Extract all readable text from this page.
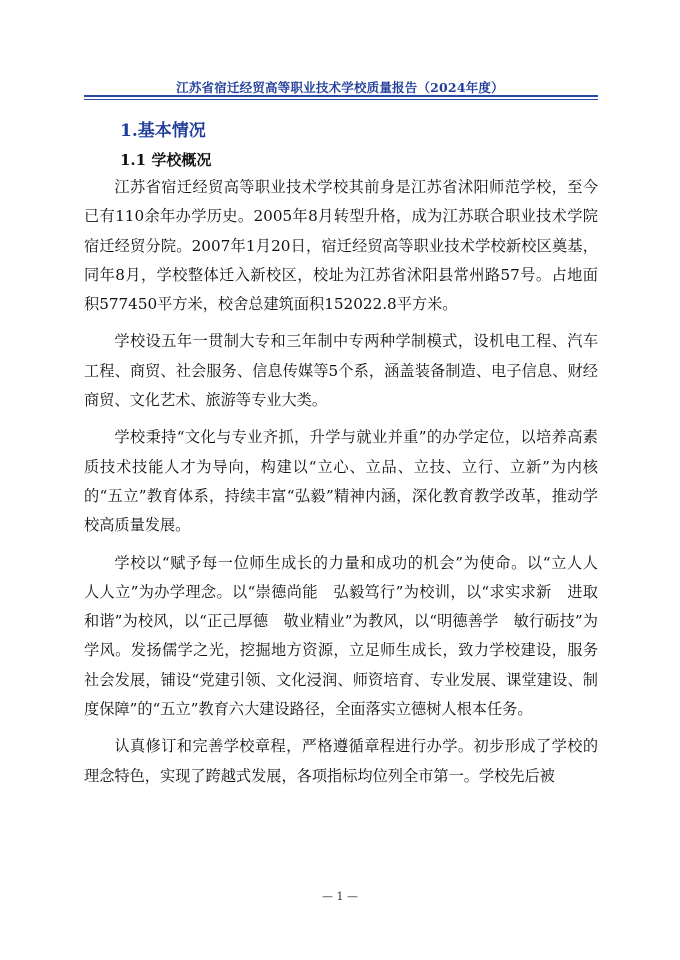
江苏省宿迁经贸高等职业技术学校质量报告（2024年度）
1.基本情况
1.1 学校概况

江苏省宿迁经贸高等职业技术学校其前身是江苏省沭阳师范学校，至今已有110余年办学历史。2005年8月转型升格，成为江苏联合职业技术学院宿迁经贸分院。2007年1月20日，宿迁经贸高等职业技术学校新校区奠基，同年8月，学校整体迁入新校区，校址为江苏省沭阳县常州路57号。占地面积577450平方米，校舍总建筑面积152022.8平方米。

学校设五年一贯制大专和三年制中专两种学制模式，设机电工程、汽车工程、商贸、社会服务、信息传媒等5个系，涵盖装备制造、电子信息、财经商贸、文化艺术、旅游等专业大类。

学校秉持“文化与专业齐抓，升学与就业并重”的办学定位，以培养高素质技术技能人才为导向，构建以“立心、立品、立技、立行、立新”为内核的“五立”教育体系，持续丰富“弘毅”精神内涵，深化教育教学改革，推动学校高质量发展。

学校以“赋予每一位师生成长的力量和成功的机会”为使命。以“立人人　人人立”为办学理念。以“崇德尚能　弘毅笃行”为校训，以“求实求新　进取和谐”为校风，以“正己厚德　敬业精业”为教风，以“明德善学　敏行砺技”为学风。发扬儒学之光，挖掘地方资源，立足师生成长，致力学校建设，服务社会发展，铺设“党建引领、文化浸润、师资培育、专业发展、课堂建设、制度保障”的“五立”教育六大建设路径，全面落实立德树人根本任务。

认真修订和完善学校章程，严格遵循章程进行办学。初步形成了学校的理念特色，实现了跨越式发展，各项指标均位列全市第一。学校先后被

— 1 —
